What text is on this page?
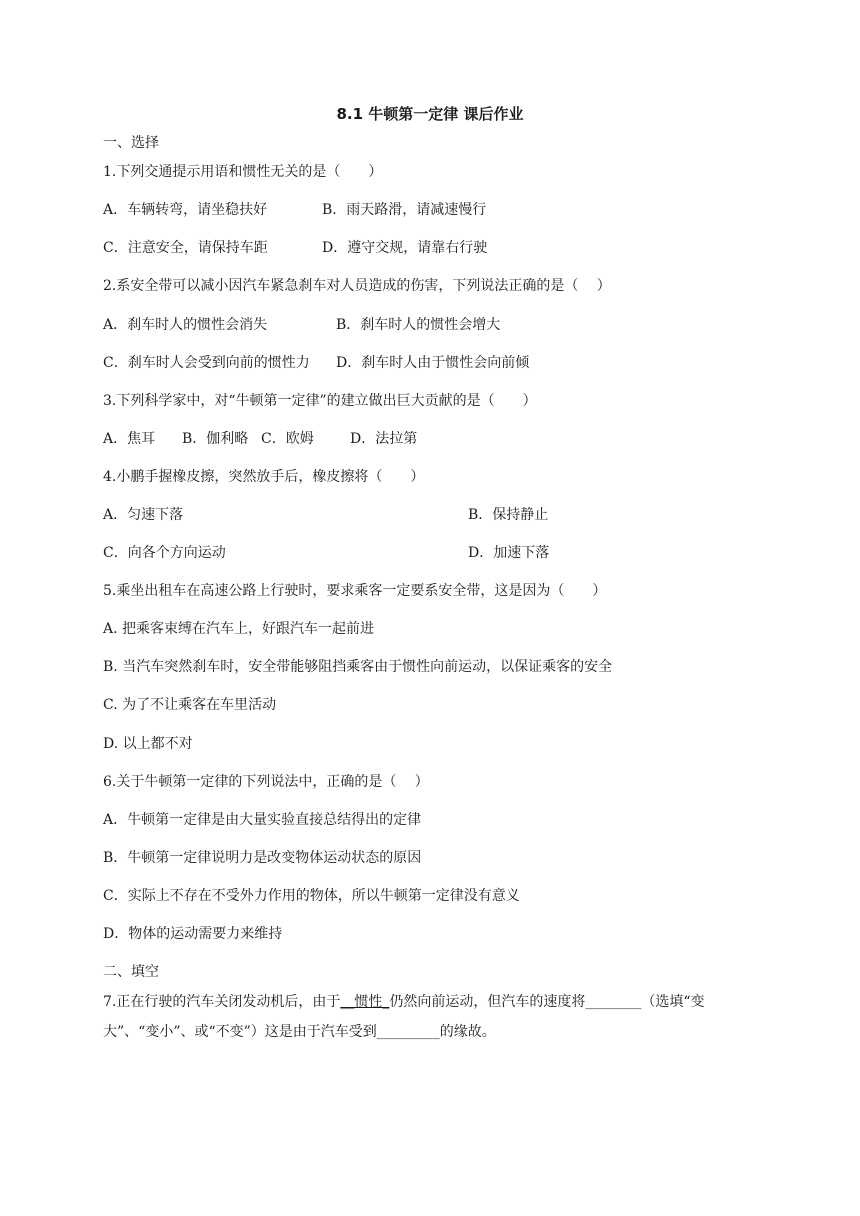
8.1 牛顿第一定律 课后作业
一、选择
1.下列交通提示用语和惯性无关的是（　　）
A．车辆转弯，请坐稳扶好	B．雨天路滑，请减速慢行
C．注意安全，请保持车距	D．遵守交规，请靠右行驶
2.系安全带可以减小因汽车紧急刹车对人员造成的伤害，下列说法正确的是（　 ）
A．刹车时人的惯性会消失	B．刹车时人的惯性会增大
C．刹车时人会受到向前的惯性力 D．刹车时人由于惯性会向前倾
3.下列科学家中，对“牛顿第一定律”的建立做出巨大贡献的是（　　）
A．焦耳 B．伽利略 C．欧姆	D．法拉第
4.小鹏手握橡皮擦，突然放手后，橡皮擦将（　　）
A．匀速下落	B．保持静止
C．向各个方向运动	D．加速下落
5.乘坐出租车在高速公路上行驶时，要求乘客一定要系安全带，这是因为（　　）
A. 把乘客束缚在汽车上，好跟汽车一起前进
B. 当汽车突然刹车时，安全带能够阻挡乘客由于惯性向前运动，以保证乘客的安全
C. 为了不让乘客在车里活动
D. 以上都不对
6.关于牛顿第一定律的下列说法中，正确的是（　 ）
A．牛顿第一定律是由大量实验直接总结得出的定律
B．牛顿第一定律说明力是改变物体运动状态的原因
C．实际上不存在不受外力作用的物体，所以牛顿第一定律没有意义
D．物体的运动需要力来维持
二、填空
7.正在行驶的汽车关闭发动机后，由于__惯性_仍然向前运动，但汽车的速度将________（选填“变
大”、“变小”、或“不变”）这是由于汽车受到_________的缘故。
